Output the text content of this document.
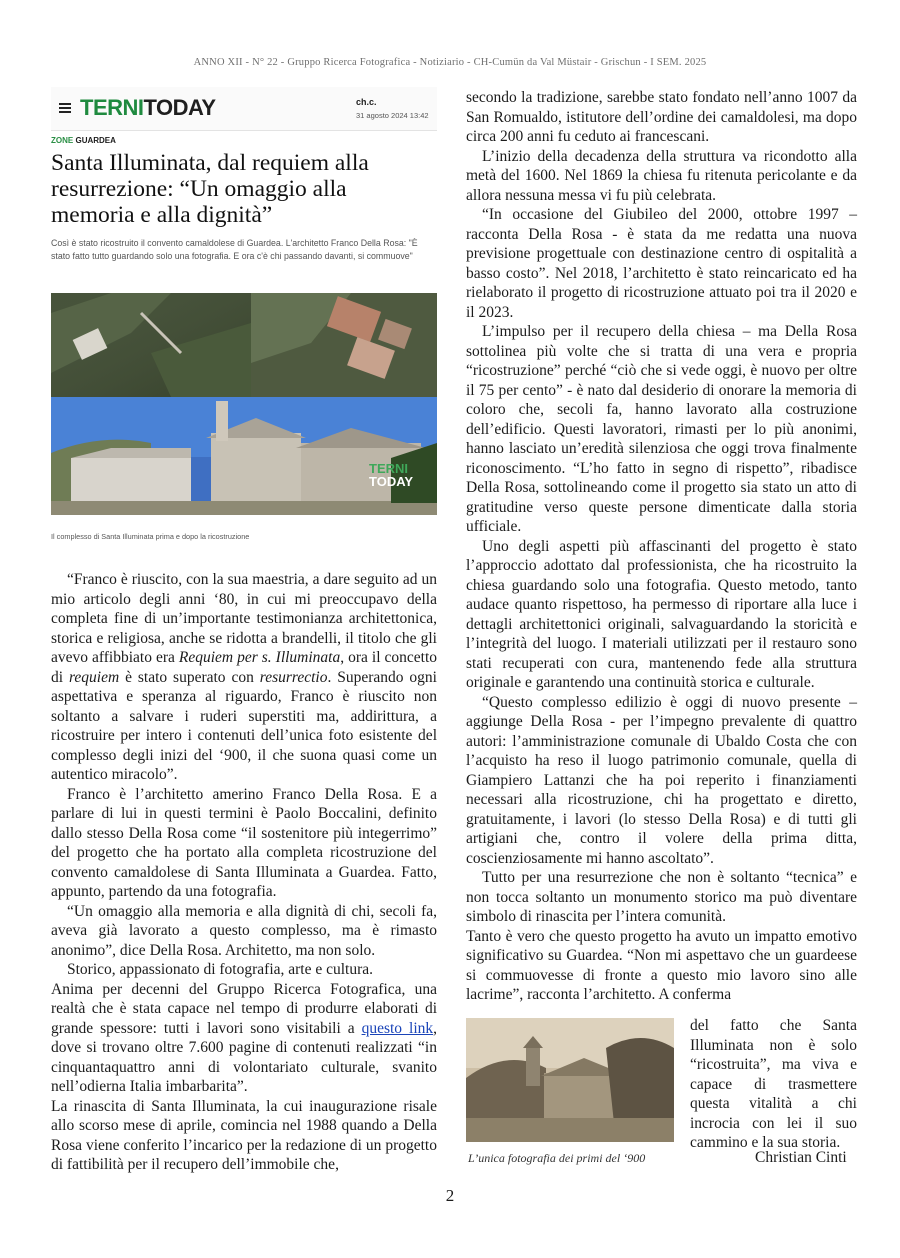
ANNO XII - N° 22 - Gruppo Ricerca Fotografica - Notiziario - CH-Cumün da Val Müstair - Grischun - I SEM. 2025
TERNITODAY	ch.c.
31 agosto 2024 13:42
ZONE GUARDEA
Santa Illuminata, dal requiem alla resurrezione: “Un omaggio alla memoria e alla dignità”
Così è stato ricostruito il convento camaldolese di Guardea. L'architetto Franco Della Rosa: "È stato fatto tutto guardando solo una fotografia. E ora c'è chi passando davanti, si commuove"
TERNI
TODAY
Il complesso di Santa Illuminata prima e dopo la ricostruzione

“Franco è riuscito, con la sua maestria, a dare seguito ad un mio articolo degli anni ‘80, in cui mi preoccupavo della completa fine di un’importante testimonianza architettonica, storica e religiosa, anche se ridotta a brandelli, il titolo che gli avevo affibbiato era Requiem per s. Illuminata, ora il concetto di requiem è stato superato con resurrectio. Superando ogni aspettativa e speranza al riguardo, Franco è riuscito non soltanto a salvare i ruderi superstiti ma, addirittura, a ricostruire per intero i contenuti dell’unica foto esistente del complesso degli inizi del ‘900, il che suona quasi come un autentico miracolo”.

Franco è l’architetto amerino Franco Della Rosa. E a parlare di lui in questi termini è Paolo Boccalini, definito dallo stesso Della Rosa come “il sostenitore più integerrimo” del progetto che ha portato alla completa ricostruzione del convento camaldolese di Santa Illuminata a Guardea. Fatto, appunto, partendo da una fotografia.

“Un omaggio alla memoria e alla dignità di chi, secoli fa, aveva già lavorato a questo complesso, ma è rimasto anonimo”, dice Della Rosa. Architetto, ma non solo.

Storico, appassionato di fotografia, arte e cultura.

Anima per decenni del Gruppo Ricerca Fotografica, una realtà che è stata capace nel tempo di produrre elaborati di grande spessore: tutti i lavori sono visitabili a questo link, dove si trovano oltre 7.600 pagine di contenuti realizzati “in cinquantaquattro anni di volontariato culturale, svanito nell’odierna Italia imbarbarita”.

La rinascita di Santa Illuminata, la cui inaugurazione risale allo scorso mese di aprile, comincia nel 1988 quando a Della Rosa viene conferito l’incarico per la redazione di un progetto di fattibilità per il recupero dell’immobile che,

secondo la tradizione, sarebbe stato fondato nell’anno 1007 da San Romualdo, istitutore dell’ordine dei camaldolesi, ma dopo circa 200 anni fu ceduto ai francescani.

L’inizio della decadenza della struttura va ricondotto alla metà del 1600. Nel 1869 la chiesa fu ritenuta pericolante e da allora nessuna messa vi fu più celebrata.

“In occasione del Giubileo del 2000, ottobre 1997 – racconta Della Rosa - è stata da me redatta una nuova previsione progettuale con destinazione centro di ospitalità a basso costo”. Nel 2018, l’architetto è stato reincaricato ed ha rielaborato il progetto di ricostruzione attuato poi tra il 2020 e il 2023.

L’impulso per il recupero della chiesa – ma Della Rosa sottolinea più volte che si tratta di una vera e propria “ricostruzione” perché “ciò che si vede oggi, è nuovo per oltre il 75 per cento” - è nato dal desiderio di onorare la memoria di coloro che, secoli fa, hanno lavorato alla costruzione dell’edificio. Questi lavoratori, rimasti per lo più anonimi, hanno lasciato un’eredità silenziosa che oggi trova finalmente riconoscimento. “L’ho fatto in segno di rispetto”, ribadisce Della Rosa, sottolineando come il progetto sia stato un atto di gratitudine verso queste persone dimenticate dalla storia ufficiale.

Uno degli aspetti più affascinanti del progetto è stato l’approccio adottato dal professionista, che ha ricostruito la chiesa guardando solo una fotografia. Questo metodo, tanto audace quanto rispettoso, ha permesso di riportare alla luce i dettagli architettonici originali, salvaguardando la storicità e l’integrità del luogo. I materiali utilizzati per il restauro sono stati recuperati con cura, mantenendo fede alla struttura originale e garantendo una continuità storica e culturale.

“Questo complesso edilizio è oggi di nuovo presente – aggiunge Della Rosa - per l’impegno prevalente di quattro autori: l’amministrazione comunale di Ubaldo Costa che con l’acquisto ha reso il luogo patrimonio comunale, quella di Giampiero Lattanzi che ha poi reperito i finanziamenti necessari alla ricostruzione, chi ha progettato e diretto, gratuitamente, i lavori (lo stesso Della Rosa) e di tutti gli artigiani che, contro il volere della prima ditta, coscienziosamente mi hanno ascoltato”.

Tutto per una resurrezione che non è soltanto “tecnica” e non tocca soltanto un monumento storico ma può diventare simbolo di rinascita per l’intera comunità.

Tanto è vero che questo progetto ha avuto un impatto emotivo significativo su Guardea. “Non mi aspettavo che un guardeese si commuovesse di fronte a questo mio lavoro sino alle lacrime”, racconta l’architetto. A conferma

del fatto che Santa Illuminata non è solo “ricostruita”, ma viva e capace di trasmettere questa vitalità a chi incrocia con lei il suo cammino e la sua storia.

L’unica fotografia dei primi del ‘900	Christian Cinti
2
